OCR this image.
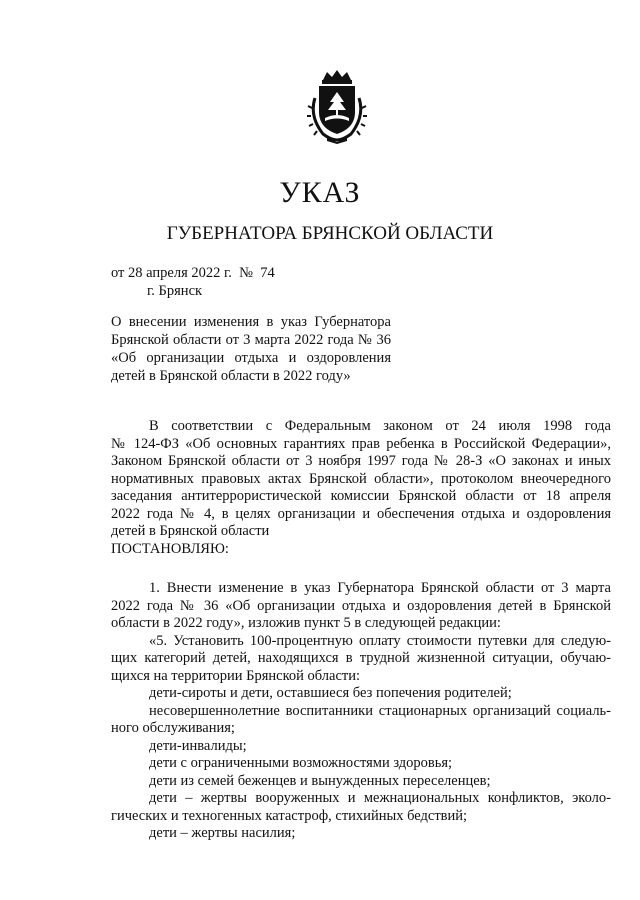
УКАЗ
ГУБЕРНАТОРА БРЯНСКОЙ ОБЛАСТИ
от 28 апреля 2022 г.  №  74
г. Брянск
О внесении изменения в указ Губернатора
Брянской области от 3 марта 2022 года № 36
«Об организации отдыха и оздоровления
детей в Брянской области в 2022 году»
В соответствии с Федеральным законом от 24 июля 1998 года
№ 124-ФЗ «Об основных гарантиях прав ребенка в Российской Федерации»,
Законом Брянской области от 3 ноября 1997 года № 28-З «О законах и иных
нормативных правовых актах Брянской области», протоколом внеочередного
заседания антитеррористической комиссии Брянской области от 18 апреля
2022 года № 4, в целях организации и обеспечения отдыха и оздоровления
детей в Брянской области
ПОСТАНОВЛЯЮ:
1. Внести изменение в указ Губернатора Брянской области от 3 марта
2022 года № 36 «Об организации отдыха и оздоровления детей в Брянской
области в 2022 году», изложив пункт 5 в следующей редакции:
«5. Установить 100-процентную оплату стоимости путевки для следую-
щих категорий детей, находящихся в трудной жизненной ситуации, обучаю-
щихся на территории Брянской области:
дети-сироты и дети, оставшиеся без попечения родителей;
несовершеннолетние воспитанники стационарных организаций социаль-
ного обслуживания;
дети-инвалиды;
дети с ограниченными возможностями здоровья;
дети из семей беженцев и вынужденных переселенцев;
дети – жертвы вооруженных и межнациональных конфликтов, эколо-
гических и техногенных катастроф, стихийных бедствий;
дети – жертвы насилия;
